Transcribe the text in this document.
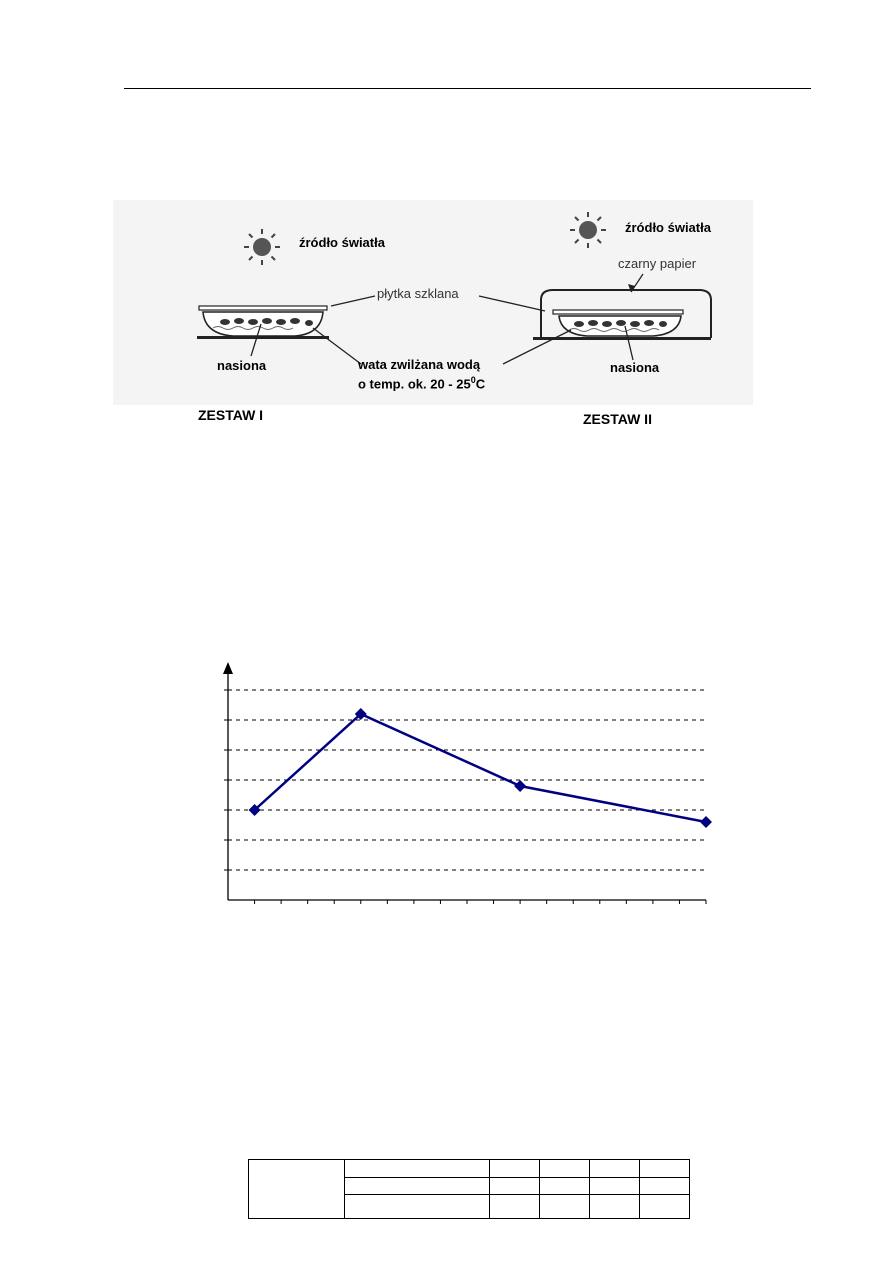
źródło światła
źródło światła
czarny papier
płytka szklana
nasiona	nasiona
wata zwilżana wodą
o temp. ok. $20 - 25^0C$
ZESTAW I	ZESTAW II
